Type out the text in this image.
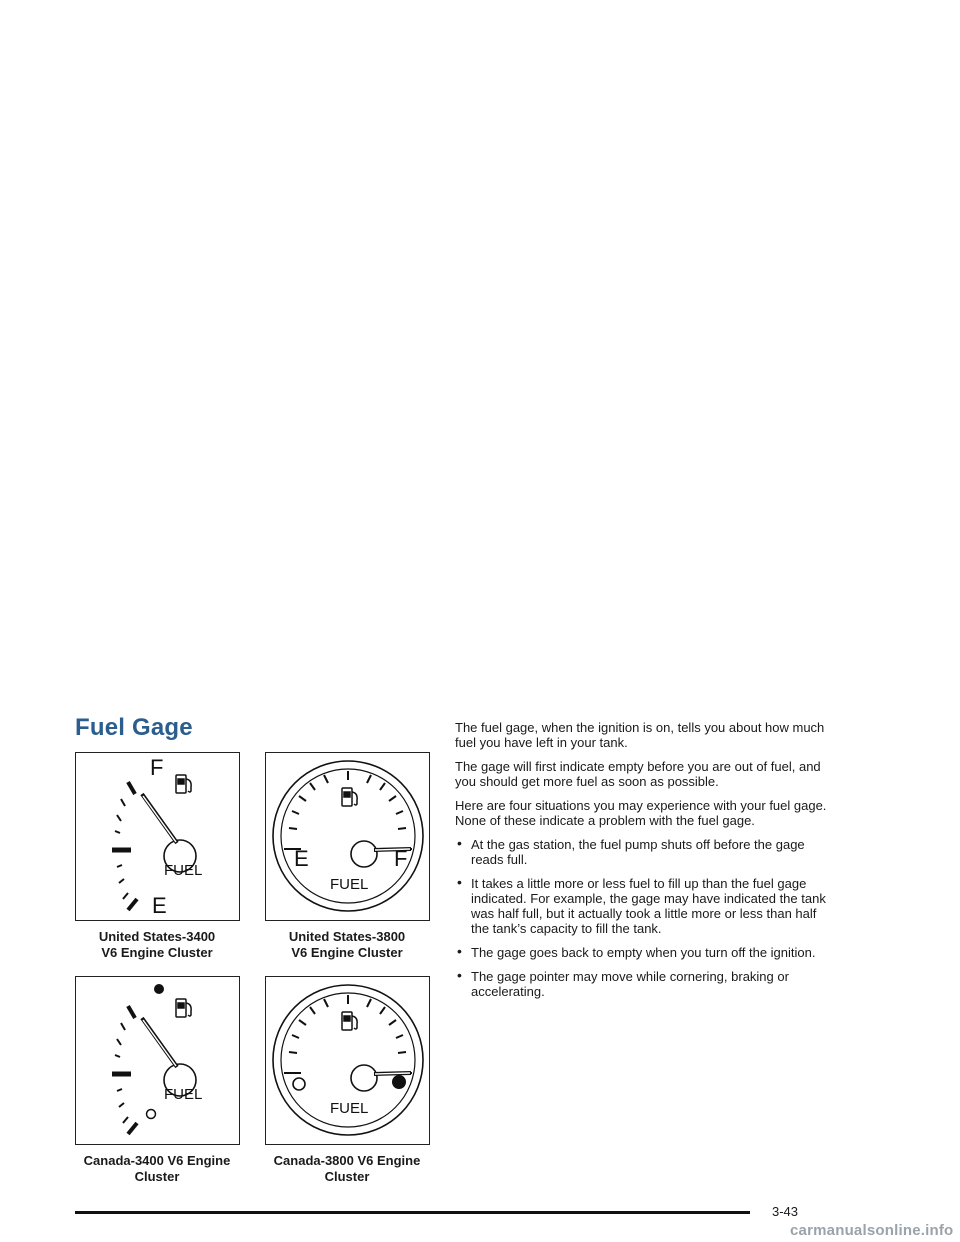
Fuel Gage
F
FUEL
E
United States-3400
V6 Engine Cluster
E	F
FUEL
United States-3800
V6 Engine Cluster
FUEL
Canada-3400 V6 Engine
Cluster
FUEL
Canada-3800 V6 Engine
Cluster

The fuel gage, when the ignition is on, tells you about how much fuel you have left in your tank.

The gage will first indicate empty before you are out of fuel, and you should get more fuel as soon as possible.

Here are four situations you may experience with your fuel gage. None of these indicate a problem with the fuel gage.

• At the gas station, the fuel pump shuts off before the gage reads full.
• It takes a little more or less fuel to fill up than the fuel gage indicated. For example, the gage may have indicated the tank was half full, but it actually took a little more or less than half the tank’s capacity to fill the tank.
• The gage goes back to empty when you turn off the ignition.
• The gage pointer may move while cornering, braking or accelerating.
3-43
carmanualsonline.info
